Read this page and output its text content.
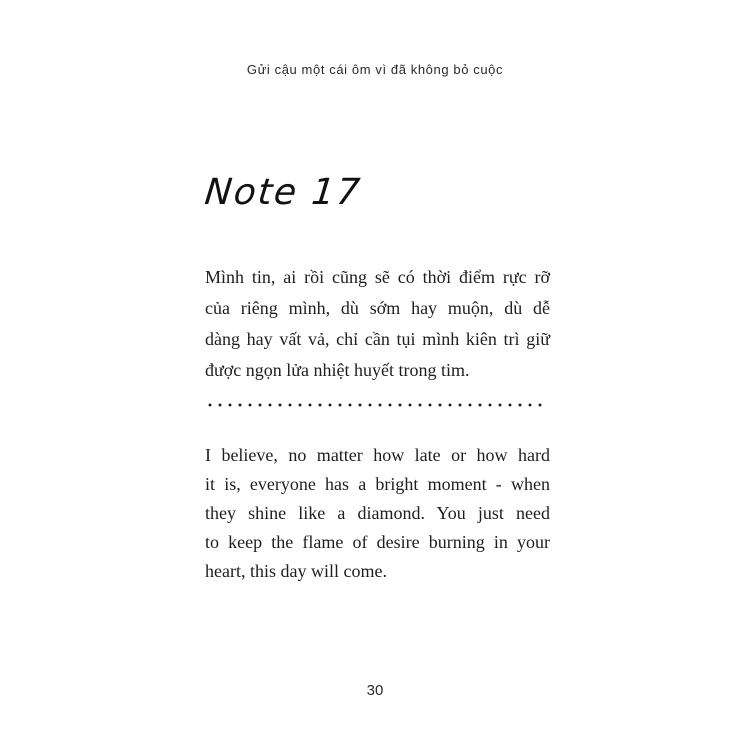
Gửi cậu một cái ôm vì đã không bỏ cuộc
Note 17
Mình tin, ai rồi cũng sẽ có thời điểm rực rỡ
của riêng mình, dù sớm hay muộn, dù dễ
dàng hay vất vả, chỉ cần tụi mình kiên trì giữ
được ngọn lửa nhiệt huyết trong tim.
I believe, no matter how late or how hard
it is, everyone has a bright moment - when
they shine like a diamond. You just need
to keep the flame of desire burning in your
heart, this day will come.
30
